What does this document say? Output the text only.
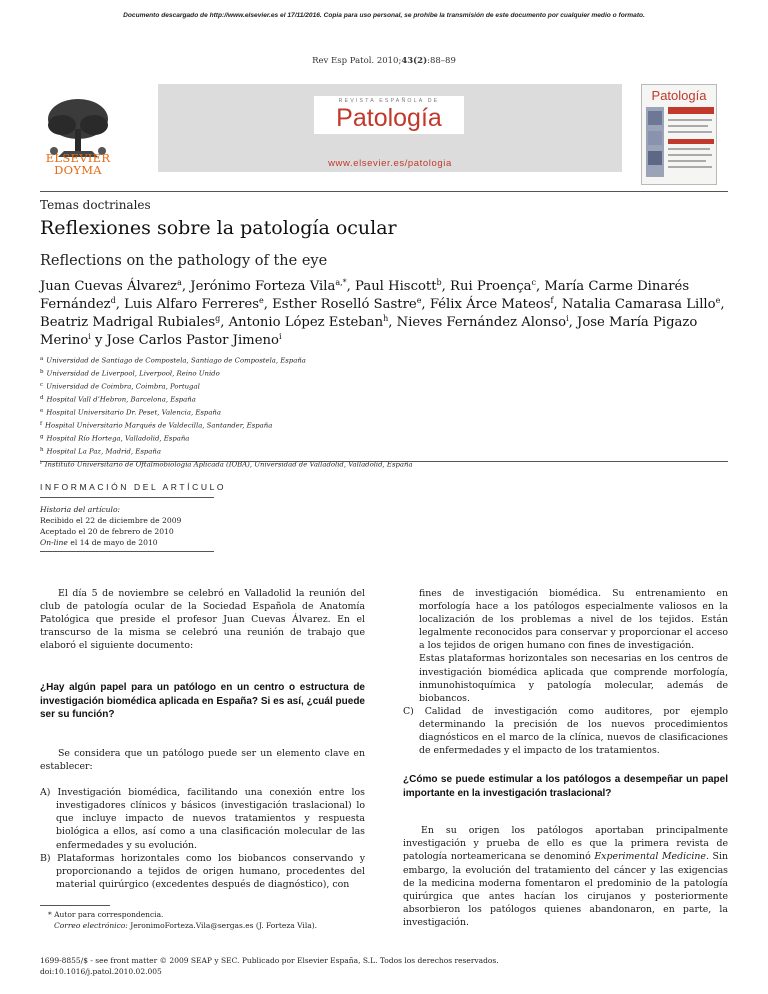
Documento descargado de http://www.elsevier.es el 17/11/2016. Copia para uso personal, se prohíbe la transmisión de este documento por cualquier medio o formato.
Rev Esp Patol. 2010;43(2):88–89
ELSEVIER
DOYMA
REVISTA ESPAÑOLA DE
Patología
www.elsevier.es/patologia
Patología
Temas doctrinales
Reflexiones sobre la patología ocular
Reflections on the pathology of the eye
Juan Cuevas Álvarez$^a$, Jerónimo Forteza Vila$^{a,*}$, Paul Hiscott$^b$, Rui Proença$^c$, María Carme Dinarés Fernández$^d$, Luis Alfaro Ferreres$^e$, Esther Roselló Sastre$^e$, Félix Árce Mateos$^f$, Natalia Camarasa Lillo$^e$, Beatriz Madrigal Rubiales$^g$, Antonio López Esteban$^h$, Nieves Fernández Alonso$^i$, Jose María Pigazo Merino$^i$ y Jose Carlos Pastor Jimeno$^i$
$^a$ Universidad de Santiago de Compostela, Santiago de Compostela, España
$^b$ Universidad de Liverpool, Liverpool, Reino Unido
$^c$ Universidad de Coimbra, Coimbra, Portugal
$^d$ Hospital Vall d’Hebron, Barcelona, España
$^e$ Hospital Universitario Dr. Peset, Valencia, España
$^f$ Hospital Universitario Marqués de Valdecilla, Santander, España
$^g$ Hospital Río Hortega, Valladolid, España
$^h$ Hospital La Paz, Madrid, España
$^i$ Instituto Universitario de Oftalmobiología Aplicada (IOBA), Universidad de Valladolid, Valladolid, España
INFORMACIÓN DEL ARTÍCULO
Historia del artículo:
Recibido el 22 de diciembre de 2009
Aceptado el 20 de febrero de 2010
On-line el 14 de mayo de 2010

El día 5 de noviembre se celebró en Valladolid la reunión del club de patología ocular de la Sociedad Española de Anatomía Patológica que preside el profesor Juan Cuevas Álvarez. En el transcurso de la misma se celebró una reunión de trabajo que elaboró el siguiente documento:

¿Hay algún papel para un patólogo en un centro o estructura de investigación biomédica aplicada en España? Si es así, ¿cuál puede ser su función?

Se considera que un patólogo puede ser un elemento clave en establecer:

A) Investigación biomédica, facilitando una conexión entre los investigadores clínicos y básicos (investigación traslacional) lo que incluye impacto de nuevos tratamientos y respuesta biológica a ellos, así como a una clasificación molecular de las enfermedades y su evolución.

B) Plataformas horizontales como los biobancos conservando y proporcionando a tejidos de origen humano, procedentes del material quirúrgico (excedentes después de diagnóstico), con

fines de investigación biomédica. Su entrenamiento en morfología hace a los patólogos especialmente valiosos en la localización de los problemas a nivel de los tejidos. Están legalmente reconocidos para conservar y proporcionar el acceso a los tejidos de origen humano con fines de investigación.

Estas plataformas horizontales son necesarias en los centros de investigación biomédica aplicada que comprende morfología, inmunohistoquímica y patología molecular, además de biobancos.

C) Calidad de investigación como auditores, por ejemplo determinando la precisión de los nuevos procedimientos diagnósticos en el marco de la clínica, nuevos de clasificaciones de enfermedades y el impacto de los tratamientos.

¿Cómo se puede estimular a los patólogos a desempeñar un papel importante en la investigación traslacional?

En su origen los patólogos aportaban principalmente investigación y prueba de ello es que la primera revista de patología norteamericana se denominó Experimental Medicine. Sin embargo, la evolución del tratamiento del cáncer y las exigencias de la medicina moderna fomentaron el predominio de la patología quirúrgica que antes hacían los cirujanos y posteriormente absorbieron los patólogos quienes abandonaron, en parte, la investigación.

* Autor para correspondencia.
Correo electrónico: JeronimoForteza.Vila@sergas.es (J. Forteza Vila).
1699-8855/$ - see front matter © 2009 SEAP y SEC. Publicado por Elsevier España, S.L. Todos los derechos reservados.
doi:10.1016/j.patol.2010.02.005
